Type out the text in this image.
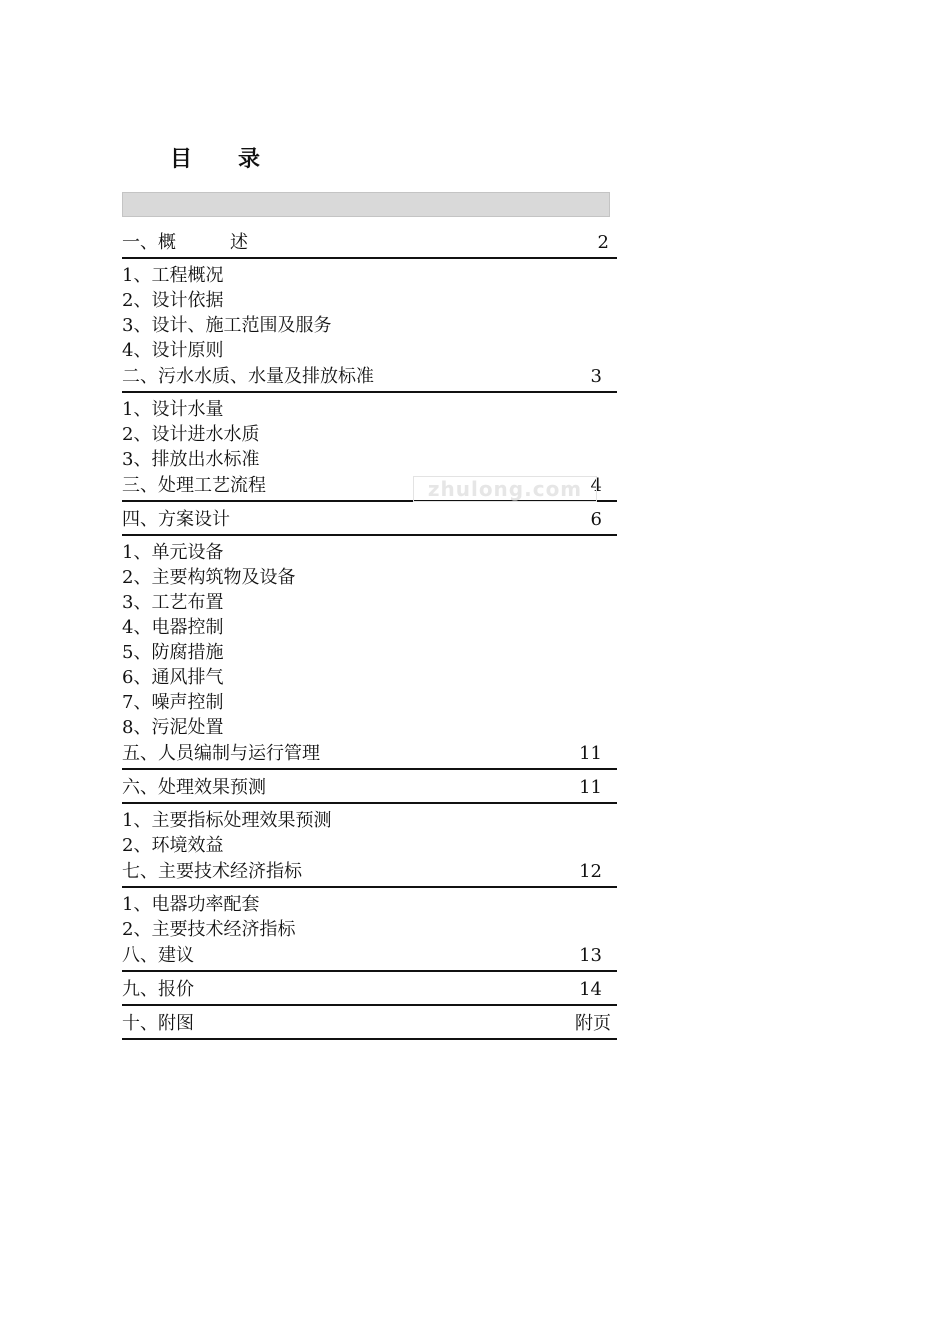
目录
一、概　　　述	2
1、工程概况
2、设计依据
3、设计、施工范围及服务
4、设计原则
二、污水水质、水量及排放标准	3
1、设计水量
2、设计进水水质
3、排放出水标准
三、处理工艺流程	4
四、方案设计	6
1、单元设备
2、主要构筑物及设备
3、工艺布置
4、电器控制
5、防腐措施
6、通风排气
7、噪声控制
8、污泥处置
五、人员编制与运行管理	11
六、处理效果预测	11
1、主要指标处理效果预测
2、环境效益
七、主要技术经济指标	12
1、电器功率配套
2、主要技术经济指标
八、建议	13
九、报价	14
十、附图	附页
zhulong.com
